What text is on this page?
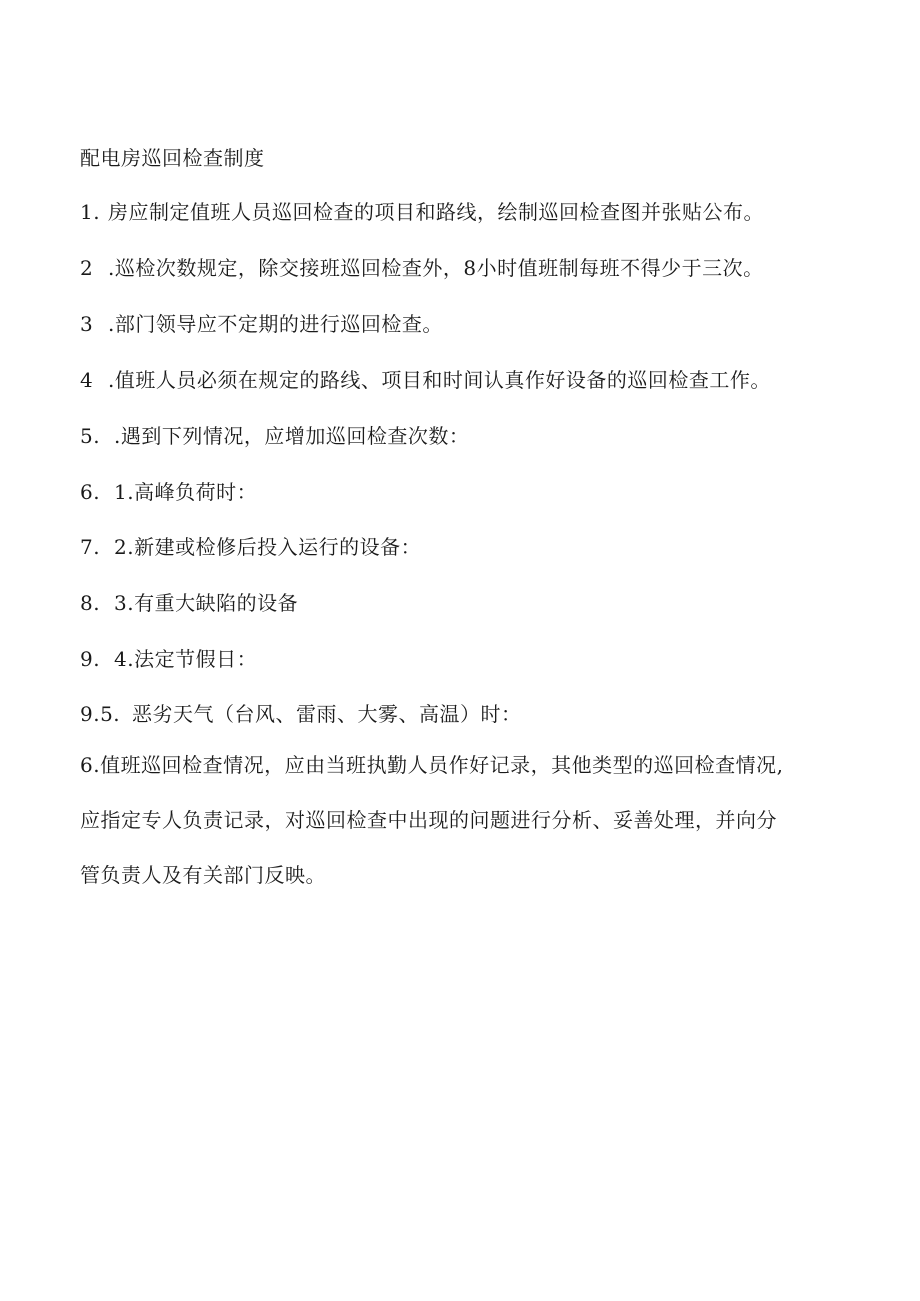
配电房巡回检查制度
1. 房应制定值班人员巡回检查的项目和路线，绘制巡回检查图并张贴公布。
2 .巡检次数规定，除交接班巡回检查外，8小时值班制每班不得少于三次。
3 .部门领导应不定期的进行巡回检查。
4 .值班人员必须在规定的路线、项目和时间认真作好设备的巡回检查工作。
5. .遇到下列情况，应增加巡回检查次数：
6. 1.高峰负荷时：
7. 2.新建或检修后投入运行的设备：
8. 3.有重大缺陷的设备
9. 4.法定节假日：
9.5. 恶劣天气（台风、雷雨、大雾、高温）时：
6.值班巡回检查情况，应由当班执勤人员作好记录，其他类型的巡回检查情况,
应指定专人负责记录，对巡回检查中出现的问题进行分析、妥善处理，并向分
管负责人及有关部门反映。
